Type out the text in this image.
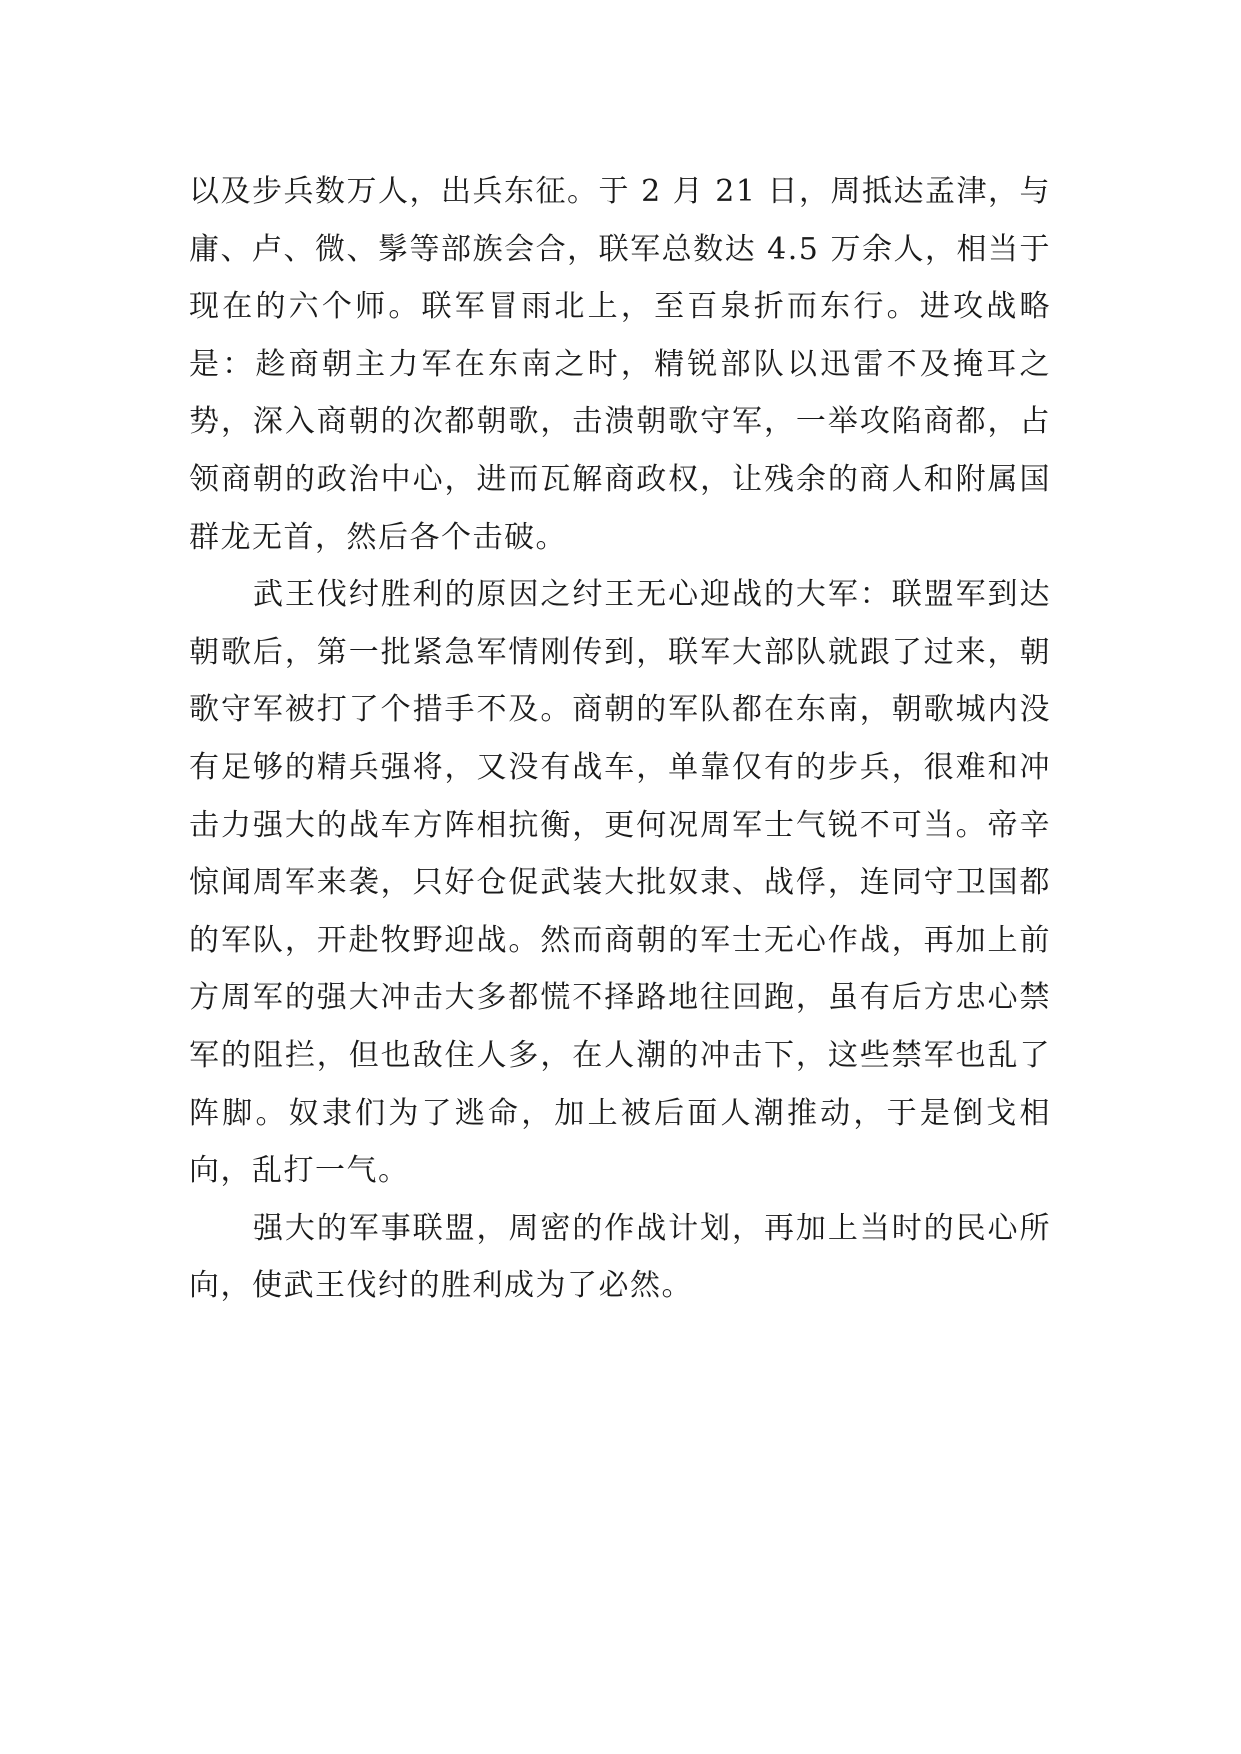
以及步兵数万人，出兵东征。于 2 月 21 日，周抵达孟津，与庸、卢、微、髳等部族会合，联军总数达 4.5 万余人，相当于现在的六个师。联军冒雨北上，至百泉折而东行。进攻战略是：趁商朝主力军在东南之时，精锐部队以迅雷不及掩耳之势，深入商朝的次都朝歌，击溃朝歌守军，一举攻陷商都，占领商朝的政治中心，进而瓦解商政权，让残余的商人和附属国群龙无首，然后各个击破。

武王伐纣胜利的原因之纣王无心迎战的大军：联盟军到达朝歌后，第一批紧急军情刚传到，联军大部队就跟了过来，朝歌守军被打了个措手不及。商朝的军队都在东南，朝歌城内没有足够的精兵强将，又没有战车，单靠仅有的步兵，很难和冲击力强大的战车方阵相抗衡，更何况周军士气锐不可当。帝辛惊闻周军来袭，只好仓促武装大批奴隶、战俘，连同守卫国都的军队，开赴牧野迎战。然而商朝的军士无心作战，再加上前方周军的强大冲击大多都慌不择路地往回跑，虽有后方忠心禁军的阻拦，但也敌住人多，在人潮的冲击下，这些禁军也乱了阵脚。奴隶们为了逃命，加上被后面人潮推动，于是倒戈相向，乱打一气。

强大的军事联盟，周密的作战计划，再加上当时的民心所向，使武王伐纣的胜利成为了必然。
